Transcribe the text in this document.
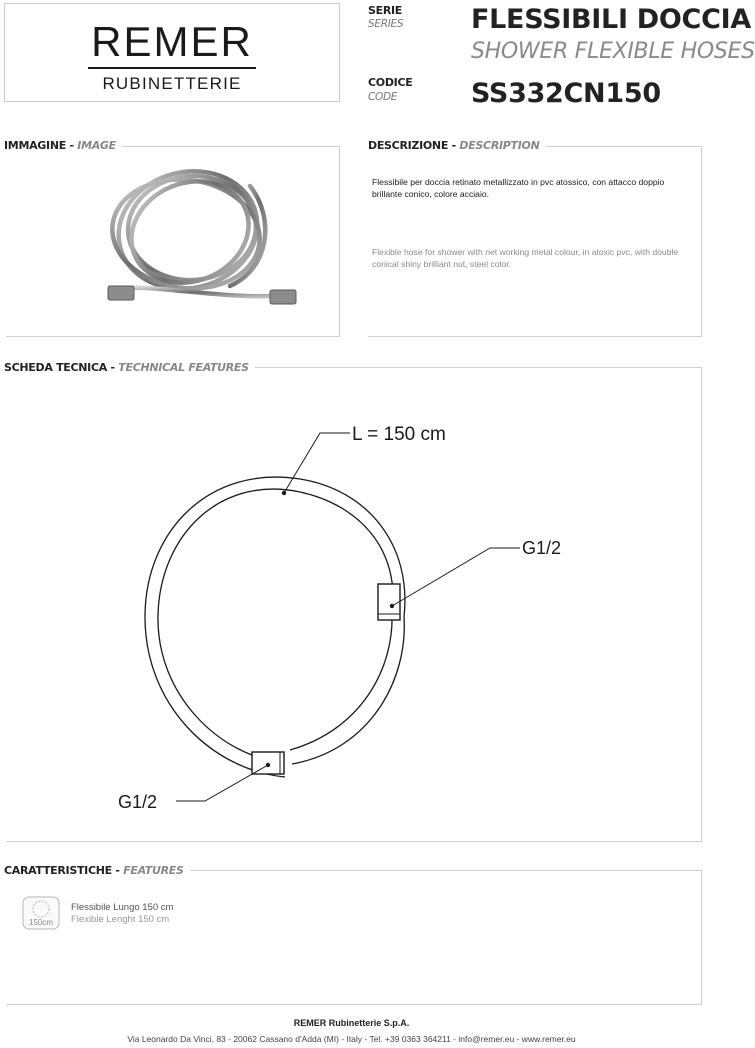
REMER
RUBINETTERIE
SERIE
SERIES	FLESSIBILI DOCCIA
SHOWER FLEXIBLE HOSES
CODICE
CODE	SS332CN150
IMMAGINE - IMAGE	DESCRIZIONE - DESCRIPTION
Flessibile per doccia retinato metallizzato in pvc atossico, con attacco doppio brillante conico, colore acciaio.
Flexible hose for shower with net working metal colour, in atoxic pvc, with double conical shiny brilliant nut, steel color.
SCHEDA TECNICA - TECHNICAL FEATURES
L = 150 cm
G1/2
G1/2
CARATTERISTICHE - FEATURES
150cm
Flessibile Lungo 150 cm
Flexible Lenght 150 cm
REMER Rubinetterie S.p.A.
Via Leonardo Da Vinci, 83 - 20062 Cassano d'Adda (MI) - Italy - Tel. +39 0363 364211 - info@remer.eu - www.remer.eu
